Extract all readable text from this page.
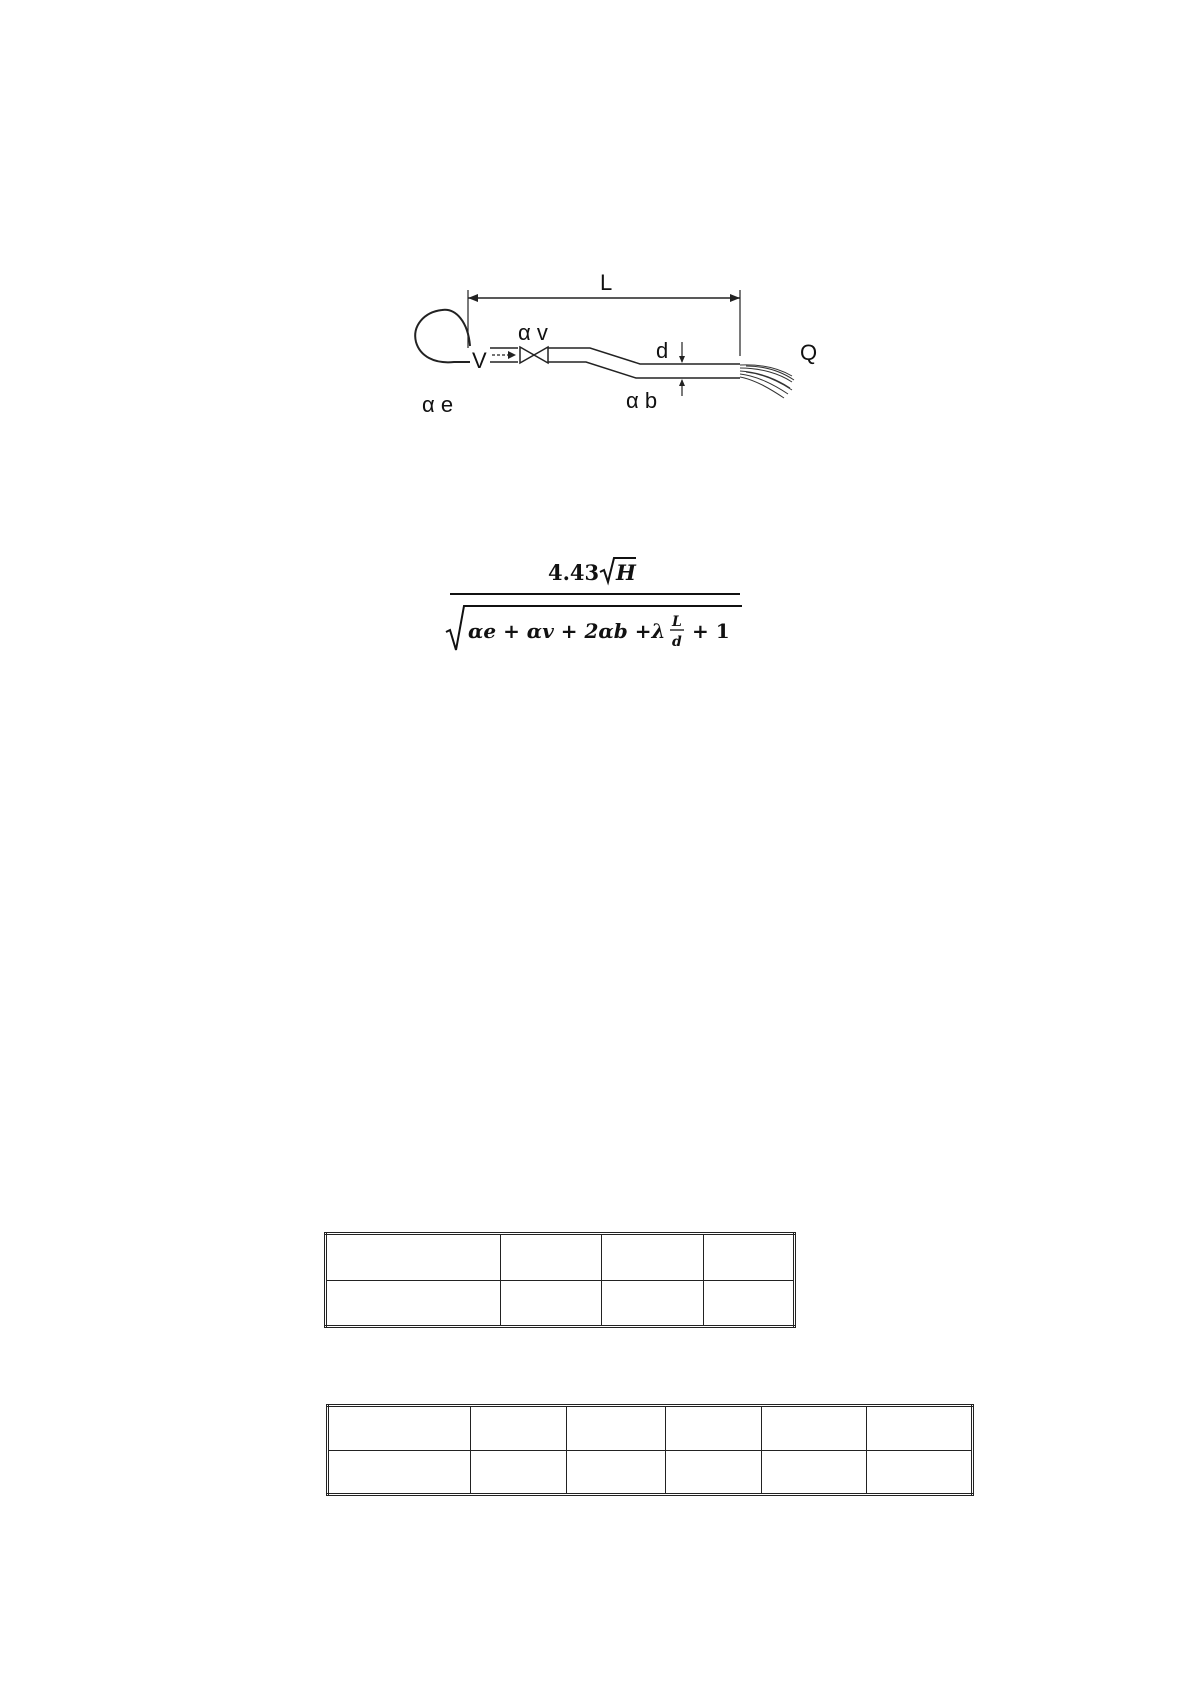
L
V
α v
d
α e	α b
Q
4.43 H
αe + αv + 2αb +λ L
d + 1
